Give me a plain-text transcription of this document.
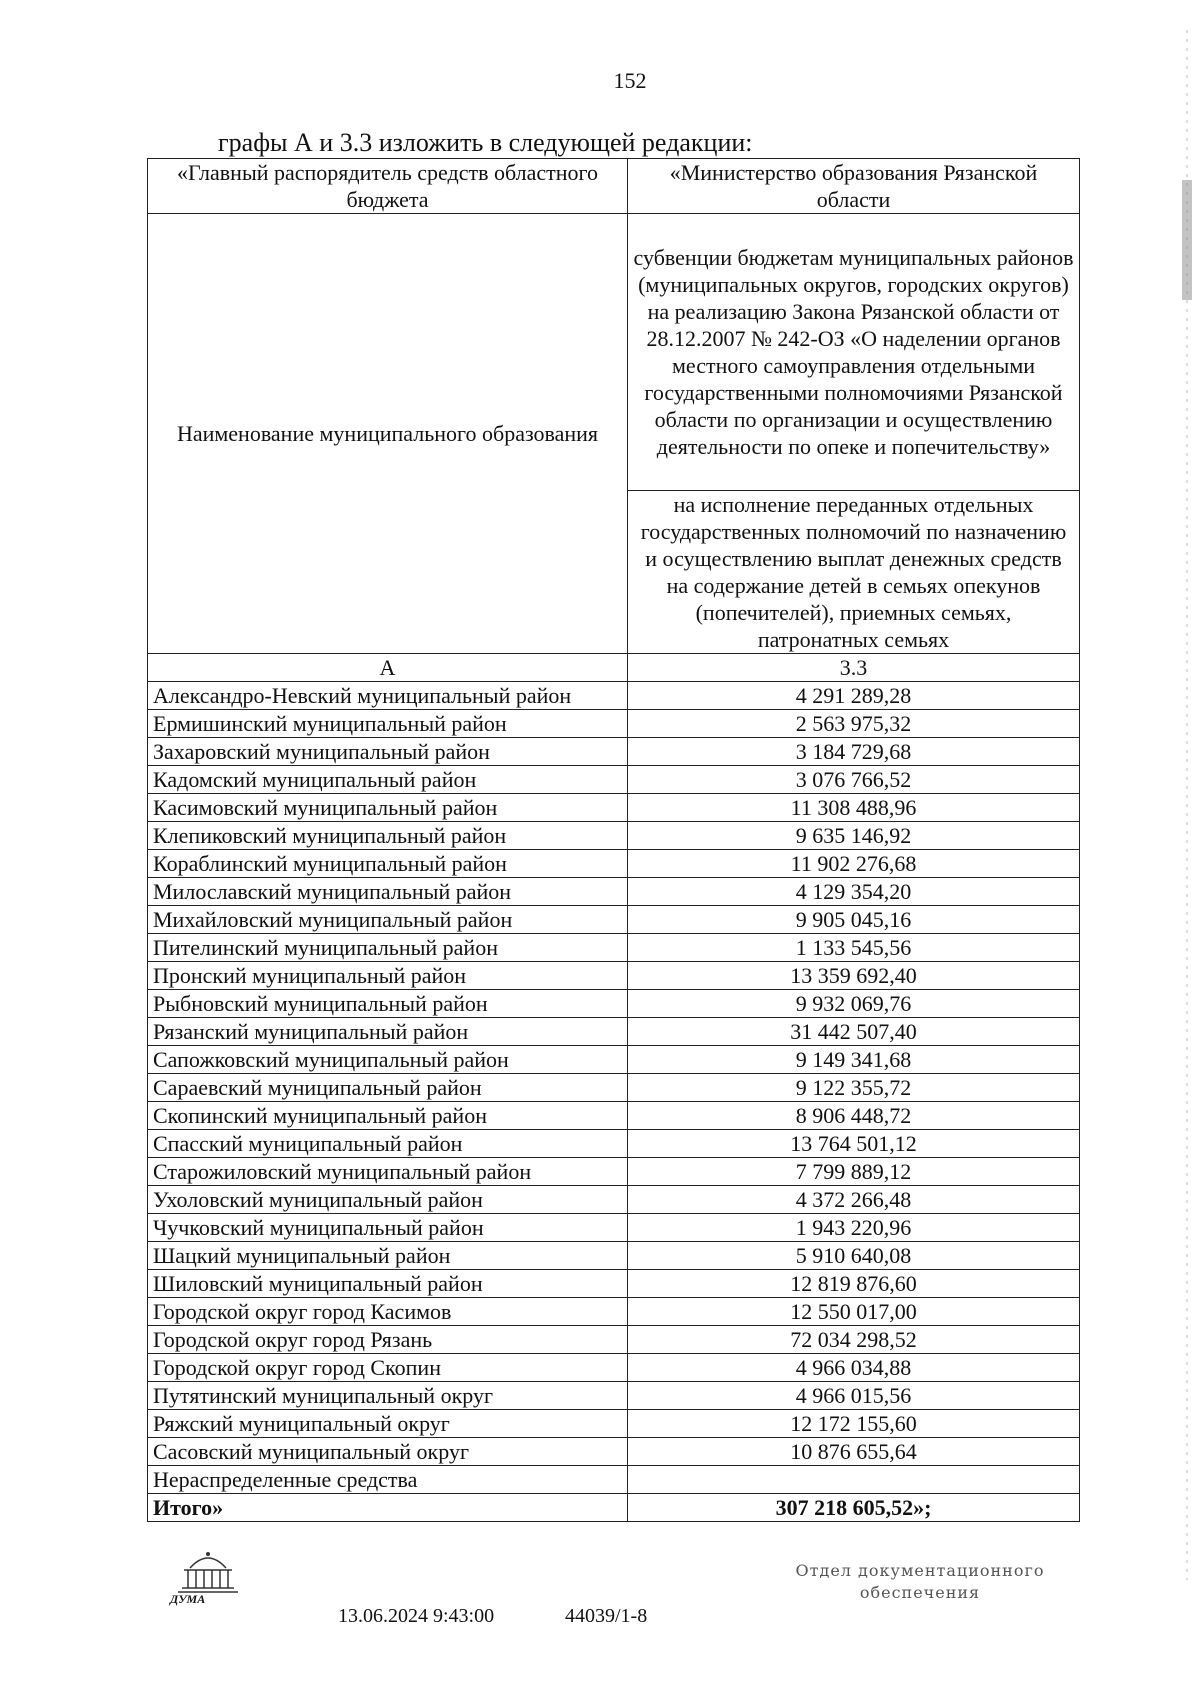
152
графы А и 3.3 изложить в следующей редакции:
«Главный распорядитель средств областного бюджета	«Министерство образования Рязанской области
Наименование муниципального образования	субвенции бюджетам муниципальных районов (муниципальных округов, городских округов) на реализацию Закона Рязанской области от 28.12.2007 № 242-ОЗ «О наделении органов местного самоуправления отдельными государственными полномочиями Рязанской области по организации и осуществлению деятельности по опеке и попечительству»
	на исполнение переданных отдельных государственных полномочий по назначению и осуществлению выплат денежных средств на содержание детей в семьях опекунов (попечителей), приемных семьях, патронатных семьях
А	3.3
Александро-Невский муниципальный район	4 291 289,28
Ермишинский муниципальный район	2 563 975,32
Захаровский муниципальный район	3 184 729,68
Кадомский муниципальный район	3 076 766,52
Касимовский муниципальный район	11 308 488,96
Клепиковский муниципальный район	9 635 146,92
Кораблинский муниципальный район	11 902 276,68
Милославский муниципальный район	4 129 354,20
Михайловский муниципальный район	9 905 045,16
Пителинский муниципальный район	1 133 545,56
Пронский муниципальный район	13 359 692,40
Рыбновский муниципальный район	9 932 069,76
Рязанский муниципальный район	31 442 507,40
Сапожковский муниципальный район	9 149 341,68
Сараевский муниципальный район	9 122 355,72
Скопинский муниципальный район	8 906 448,72
Спасский муниципальный район	13 764 501,12
Старожиловский муниципальный район	7 799 889,12
Ухоловский муниципальный район	4 372 266,48
Чучковский муниципальный район	1 943 220,96
Шацкий муниципальный район	5 910 640,08
Шиловский муниципальный район	12 819 876,60
Городской округ город Касимов	12 550 017,00
Городской округ город Рязань	72 034 298,52
Городской округ город Скопин	4 966 034,88
Путятинский муниципальный округ	4 966 015,56
Ряжский муниципальный округ	12 172 155,60
Сасовский муниципальный округ	10 876 655,64
Нераспределенные средства	
Итого»	307 218 605,52»;
ДУМА
13.06.2024 9:43:00	44039/1-8
Отдел документационного
обеспечения
